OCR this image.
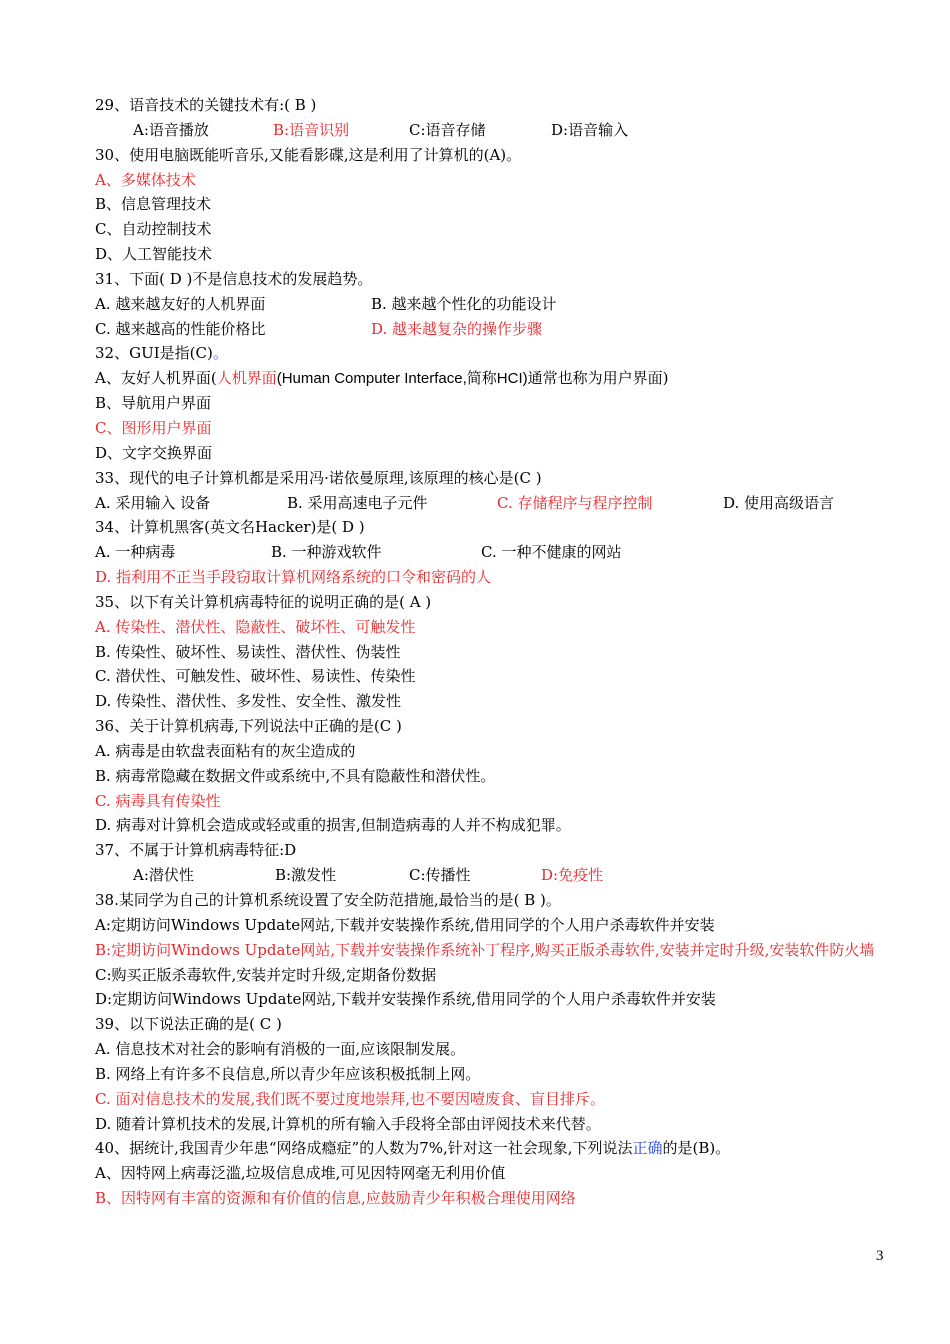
29、语音技术的关键技术有:( B )
A:语音播放	B:语音识别	C:语音存储	D:语音输入
30、使用电脑既能听音乐,又能看影碟,这是利用了计算机的(A)。
A、多媒体技术
B、信息管理技术
C、自动控制技术
D、人工智能技术
31、下面( D )不是信息技术的发展趋势。
A. 越来越友好的人机界面	B. 越来越个性化的功能设计
C. 越来越高的性能价格比	D. 越来越复杂的操作步骤
32、GUI是指(C)。
A、友好人机界面(人机界面(Human Computer Interface,简称HCI)通常也称为用户界面)
B、导航用户界面
C、图形用户界面
D、文字交换界面
33、现代的电子计算机都是采用冯·诺依曼原理,该原理的核心是(C )
A. 采用输入 设备	B. 采用高速电子元件	C. 存储程序与程序控制	D. 使用高级语言
34、计算机黑客(英文名Hacker)是( D )
A. 一种病毒	B. 一种游戏软件	C. 一种不健康的网站
D. 指利用不正当手段窃取计算机网络系统的口令和密码的人
35、以下有关计算机病毒特征的说明正确的是( A )
A. 传染性、潜伏性、隐蔽性、破坏性、可触发性
B. 传染性、破坏性、易读性、潜伏性、伪装性
C. 潜伏性、可触发性、破坏性、易读性、传染性
D. 传染性、潜伏性、多发性、安全性、激发性
36、关于计算机病毒,下列说法中正确的是(C )
A. 病毒是由软盘表面粘有的灰尘造成的
B. 病毒常隐藏在数据文件或系统中,不具有隐蔽性和潜伏性。
C. 病毒具有传染性
D. 病毒对计算机会造成或轻或重的损害,但制造病毒的人并不构成犯罪。
37、不属于计算机病毒特征:D
A:潜伏性	B:激发性	C:传播性	D:免疫性
38.某同学为自己的计算机系统设置了安全防范措施,最恰当的是( B )。
A:定期访问Windows Update网站,下载并安装操作系统,借用同学的个人用户杀毒软件并安装
B:定期访问Windows Update网站,下载并安装操作系统补丁程序,购买正版杀毒软件,安装并定时升级,安装软件防火墙
C:购买正版杀毒软件,安装并定时升级,定期备份数据
D:定期访问Windows Update网站,下载并安装操作系统,借用同学的个人用户杀毒软件并安装
39、以下说法正确的是( C )
A. 信息技术对社会的影响有消极的一面,应该限制发展。
B. 网络上有许多不良信息,所以青少年应该积极抵制上网。
C. 面对信息技术的发展,我们既不要过度地崇拜,也不要因噎废食、盲目排斥。
D. 随着计算机技术的发展,计算机的所有输入手段将全部由评阅技术来代替。
40、据统计,我国青少年患“网络成瘾症”的人数为7%,针对这一社会现象,下列说法正确的是(B)。
A、因特网上病毒泛滥,垃圾信息成堆,可见因特网毫无利用价值
B、因特网有丰富的资源和有价值的信息,应鼓励青少年积极合理使用网络
3
